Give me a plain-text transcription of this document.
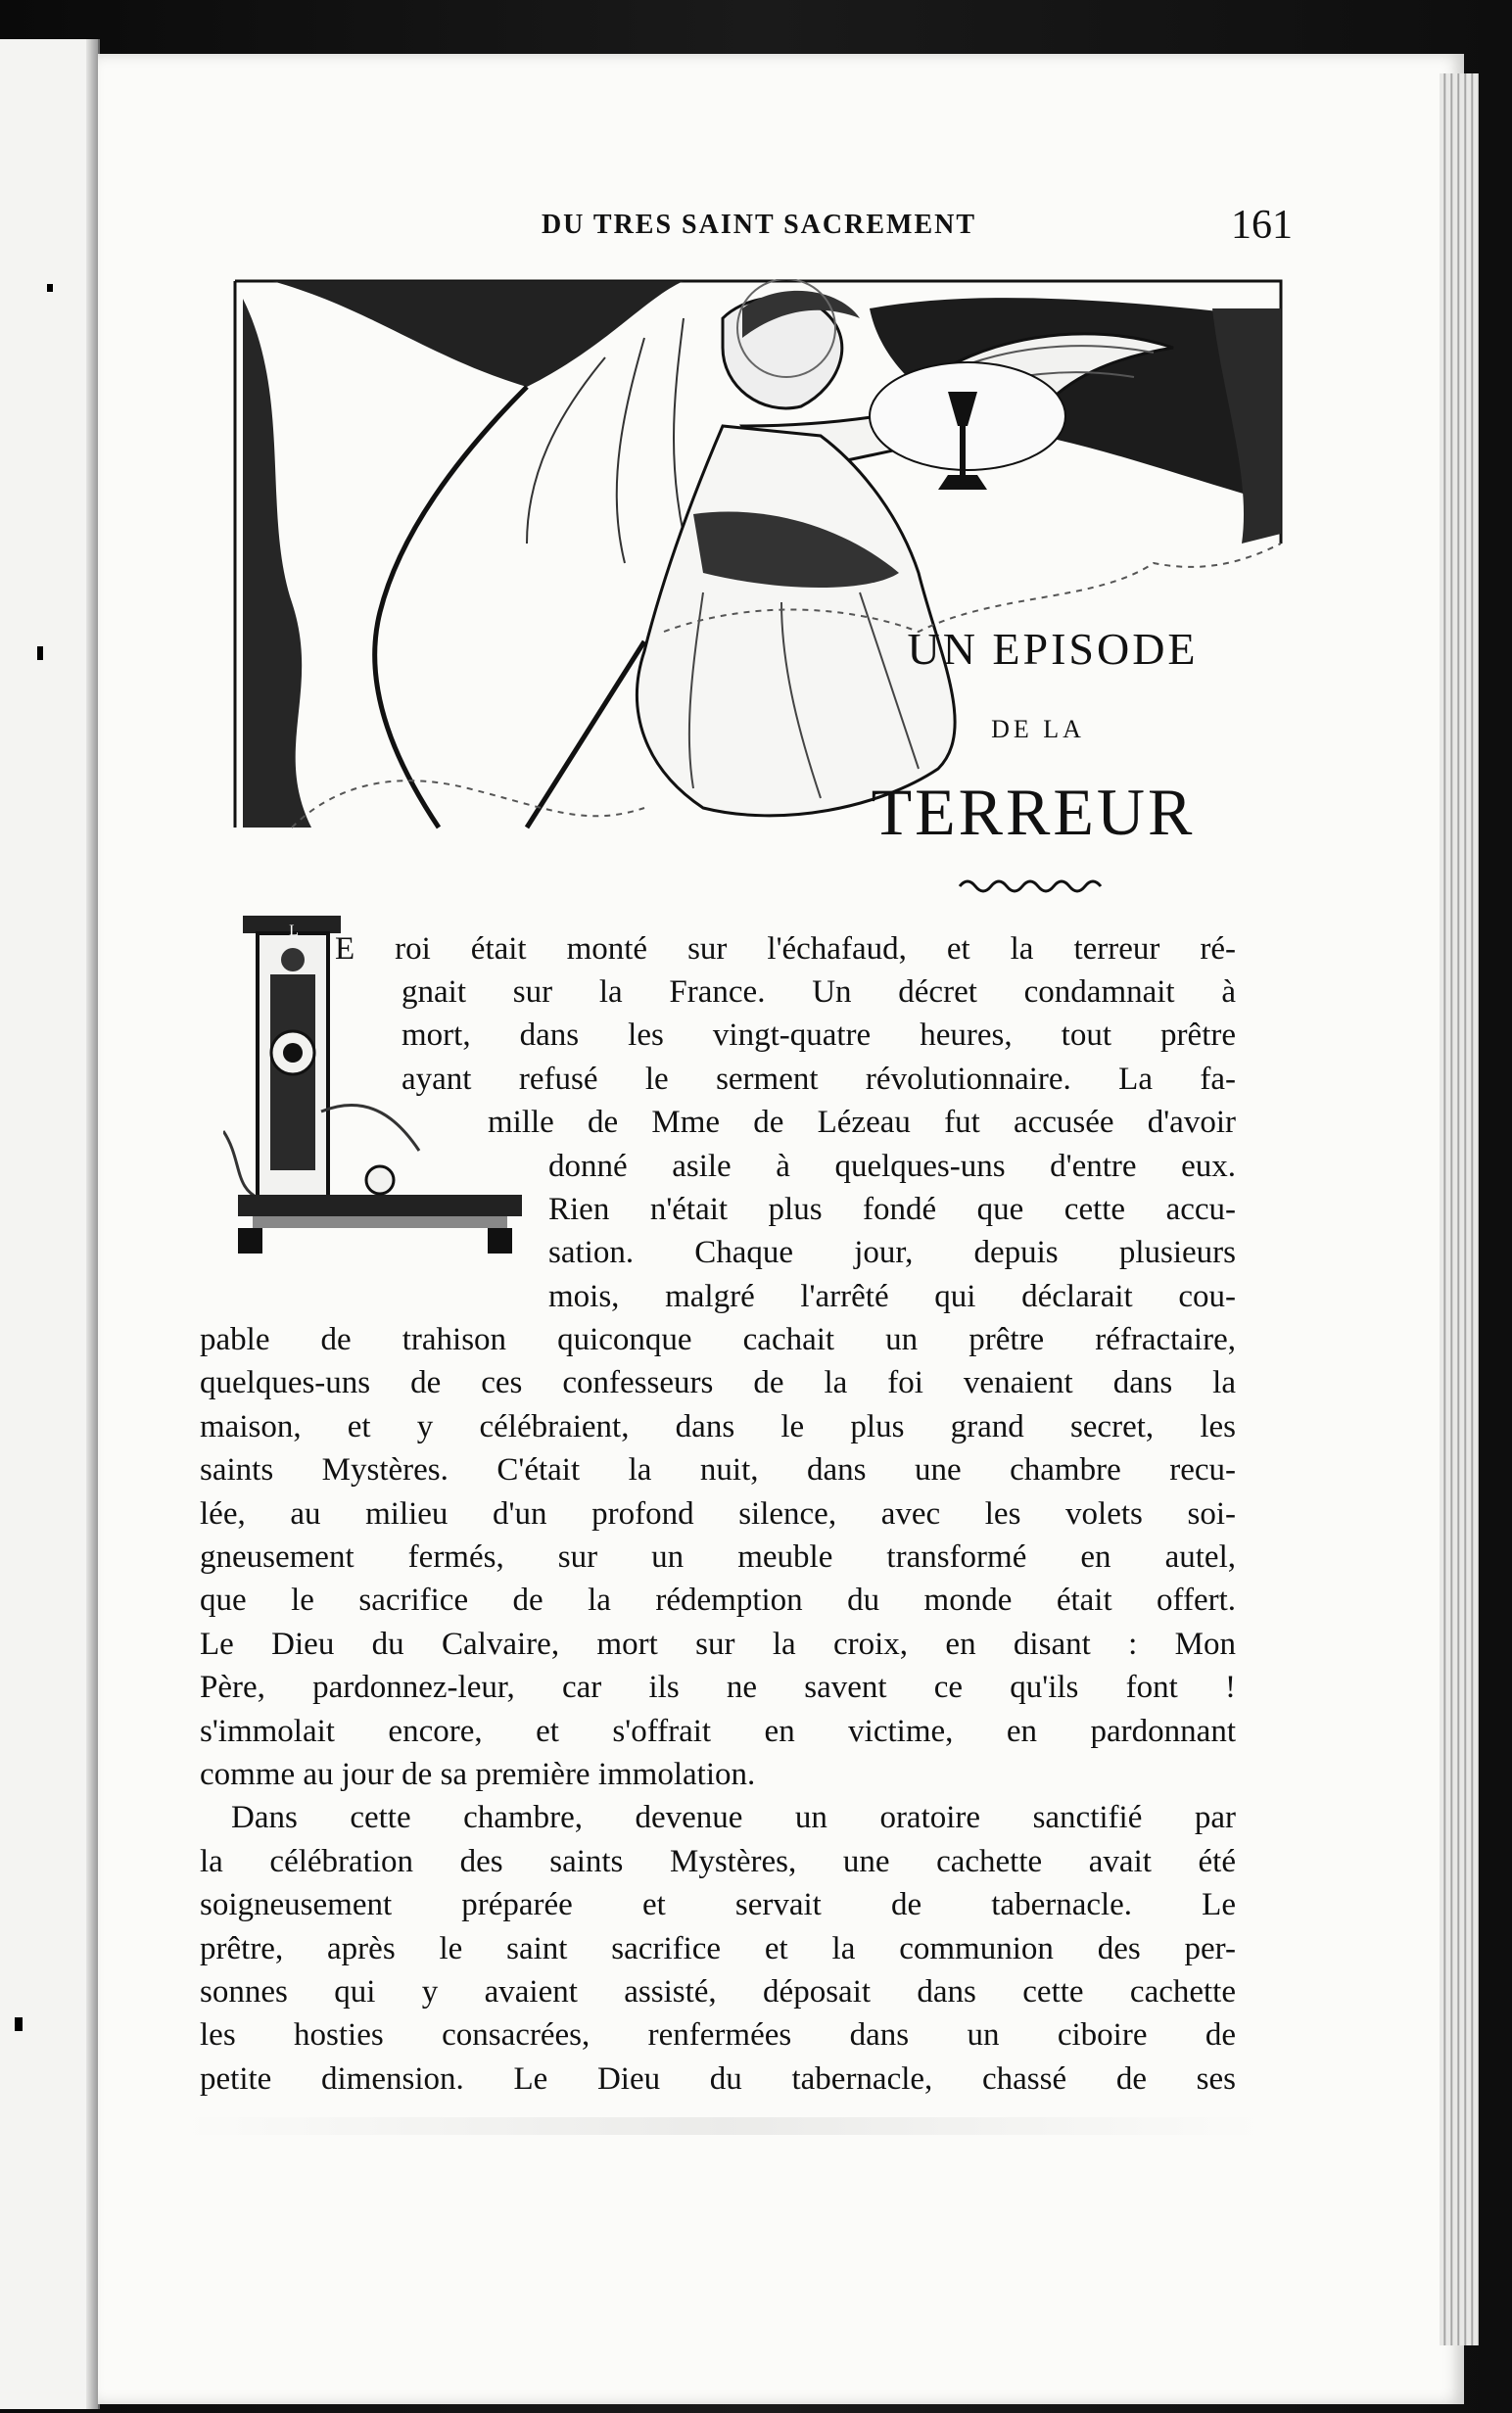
DU TRES SAINT SACREMENT	161
UN EPISODE
DE LA
TERREUR
L
E roi était monté sur l'échafaud, et la terreur ré-
gnait sur la France. Un décret condamnait à
mort, dans les vingt-quatre heures, tout prêtre
ayant refusé le serment révolutionnaire. La fa-
mille de Mme de Lézeau fut accusée d'avoir
donné asile à quelques-uns d'entre eux.
Rien n'était plus fondé que cette accu-
sation. Chaque jour, depuis plusieurs
mois, malgré l'arrêté qui déclarait cou-
pable de trahison quiconque cachait un prêtre réfractaire,
quelques-uns de ces confesseurs de la foi venaient dans la
maison, et y célébraient, dans le plus grand secret, les
saints Mystères. C'était la nuit, dans une chambre recu-
lée, au milieu d'un profond silence, avec les volets soi-
gneusement fermés, sur un meuble transformé en autel,
que le sacrifice de la rédemption du monde était offert.
Le Dieu du Calvaire, mort sur la croix, en disant : Mon
Père, pardonnez-leur, car ils ne savent ce qu'ils font !
s'immolait encore, et s'offrait en victime, en pardonnant
comme au jour de sa première immolation.
Dans cette chambre, devenue un oratoire sanctifié par
la célébration des saints Mystères, une cachette avait été
soigneusement préparée et servait de tabernacle. Le
prêtre, après le saint sacrifice et la communion des per-
sonnes qui y avaient assisté, déposait dans cette cachette
les hosties consacrées, renfermées dans un ciboire de
petite dimension. Le Dieu du tabernacle, chassé de ses
